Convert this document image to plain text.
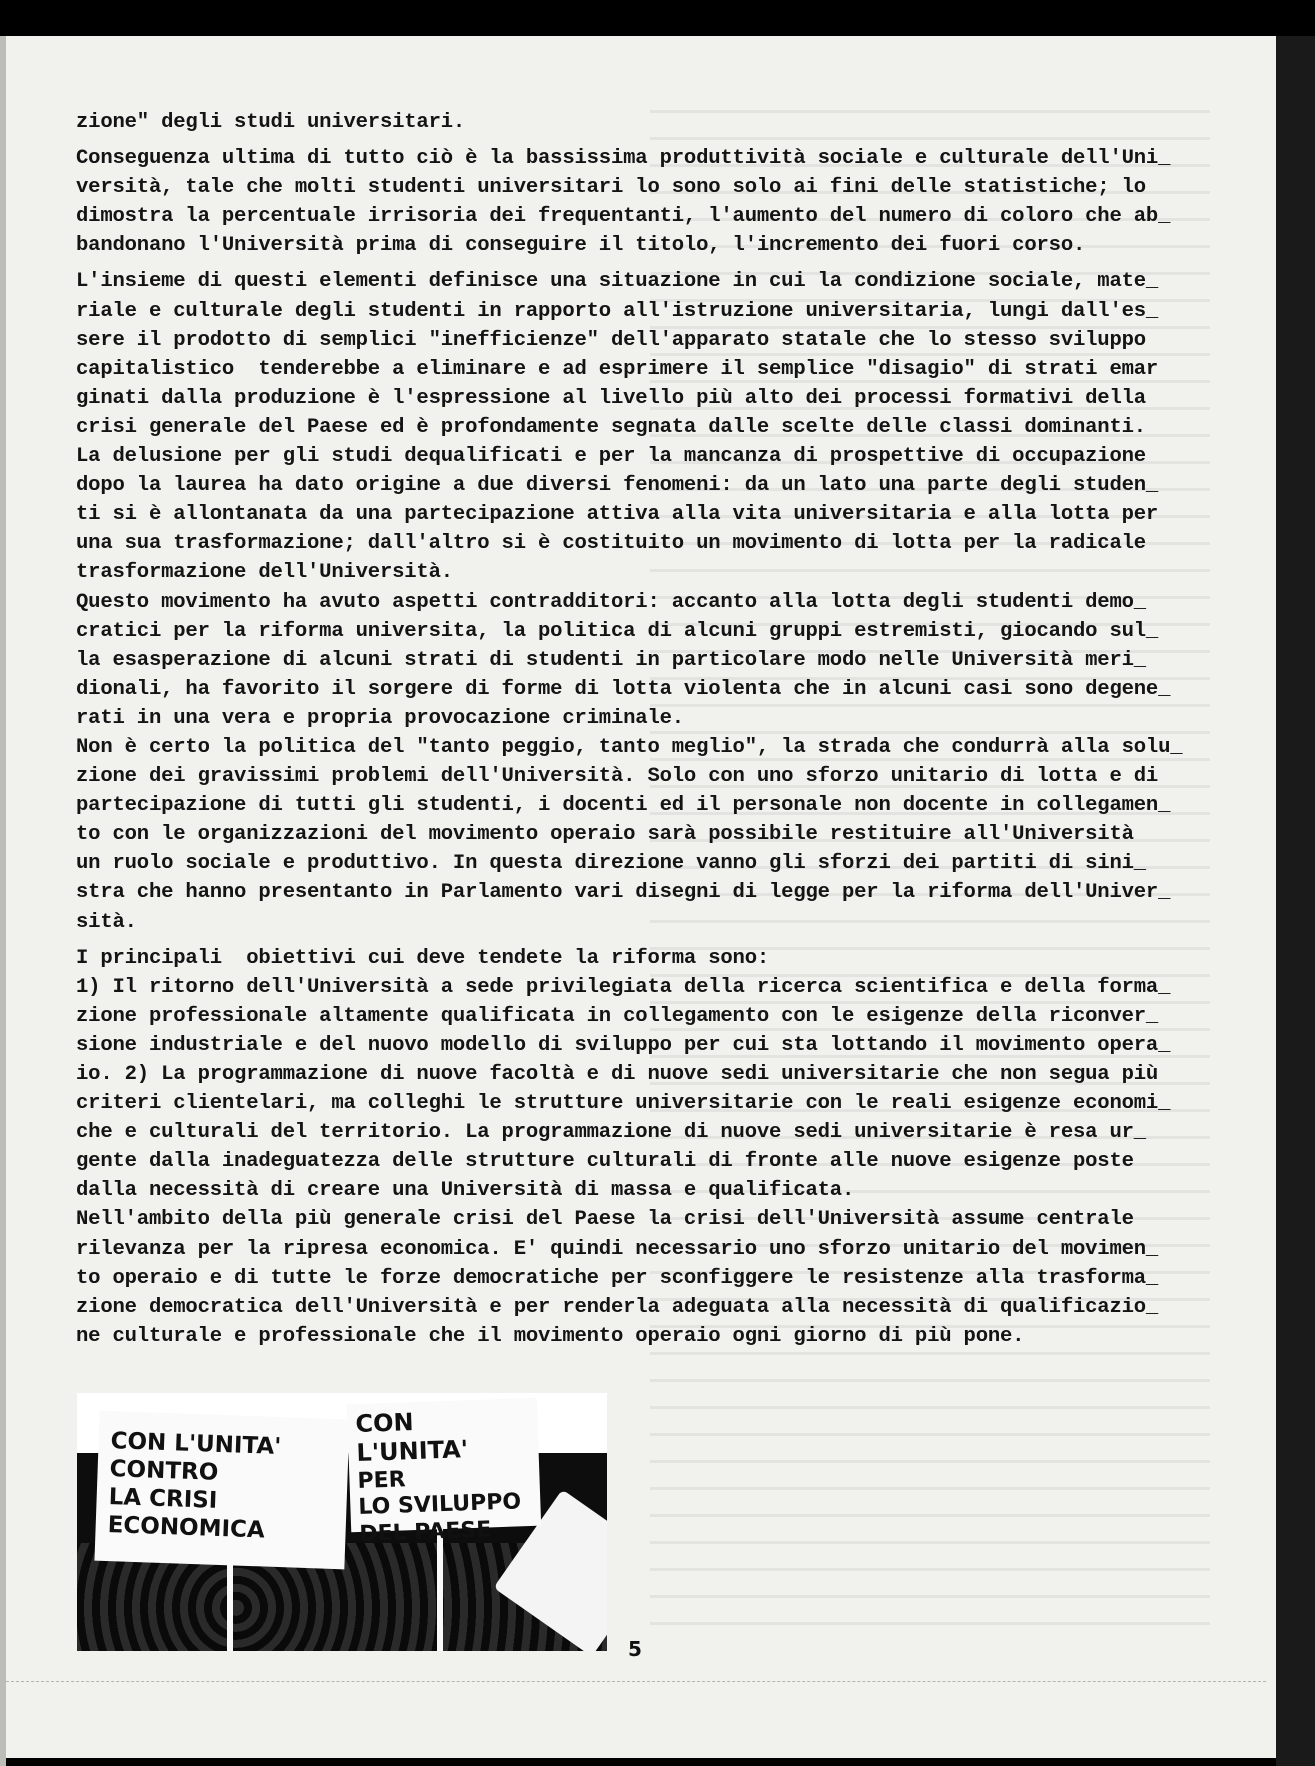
zione" degli studi universitari.

Conseguenza ultima di tutto ciò è la bassissima produttività sociale e culturale dell'Uni_

versità, tale che molti studenti universitari lo sono solo ai fini delle statistiche; lo

dimostra la percentuale irrisoria dei frequentanti, l'aumento del numero di coloro che ab_

bandonano l'Università prima di conseguire il titolo, l'incremento dei fuori corso.

L'insieme di questi elementi definisce una situazione in cui la condizione sociale, mate_

riale e culturale degli studenti in rapporto all'istruzione universitaria, lungi dall'es_

sere il prodotto di semplici "inefficienze" dell'apparato statale che lo stesso sviluppo

capitalistico  tenderebbe a eliminare e ad esprimere il semplice "disagio" di strati emar

ginati dalla produzione è l'espressione al livello più alto dei processi formativi della

crisi generale del Paese ed è profondamente segnata dalle scelte delle classi dominanti.

La delusione per gli studi dequalificati e per la mancanza di prospettive di occupazione

dopo la laurea ha dato origine a due diversi fenomeni: da un lato una parte degli studen_

ti si è allontanata da una partecipazione attiva alla vita universitaria e alla lotta per

una sua trasformazione; dall'altro si è costituito un movimento di lotta per la radicale

trasformazione dell'Università.

Questo movimento ha avuto aspetti contradditori: accanto alla lotta degli studenti demo_

cratici per la riforma universita, la politica di alcuni gruppi estremisti, giocando sul_

la esasperazione di alcuni strati di studenti in particolare modo nelle Università meri_

dionali, ha favorito il sorgere di forme di lotta violenta che in alcuni casi sono degene_

rati in una vera e propria provocazione criminale.

Non è certo la politica del "tanto peggio, tanto meglio", la strada che condurrà alla solu_

zione dei gravissimi problemi dell'Università. Solo con uno sforzo unitario di lotta e di

partecipazione di tutti gli studenti, i docenti ed il personale non docente in collegamen_

to con le organizzazioni del movimento operaio sarà possibile restituire all'Università

un ruolo sociale e produttivo. In questa direzione vanno gli sforzi dei partiti di sini_

stra che hanno presentanto in Parlamento vari disegni di legge per la riforma dell'Univer_

sità.

I principali  obiettivi cui deve tendete la riforma sono:

1) Il ritorno dell'Università a sede privilegiata della ricerca scientifica e della forma_

zione professionale altamente qualificata in collegamento con le esigenze della riconver_

sione industriale e del nuovo modello di sviluppo per cui sta lottando il movimento opera_

io. 2) La programmazione di nuove facoltà e di nuove sedi universitarie che non segua più

criteri clientelari, ma colleghi le strutture universitarie con le reali esigenze economi_

che e culturali del territorio. La programmazione di nuove sedi universitarie è resa ur_

gente dalla inadeguatezza delle strutture culturali di fronte alle nuove esigenze poste

dalla necessità di creare una Università di massa e qualificata.

Nell'ambito della più generale crisi del Paese la crisi dell'Università assume centrale

rilevanza per la ripresa economica. E' quindi necessario uno sforzo unitario del movimen_

to operaio e di tutte le forze democratiche per sconfiggere le resistenze alla trasforma_

zione democratica dell'Università e per renderla adeguata alla necessità di qualificazio_

ne culturale e professionale che il movimento operaio ogni giorno di più pone.

CON L'UNITA'
CONTRO
LA CRISI
ECONOMICA
CON L'UNITA'
PER
LO SVILUPPO
DEL PAESE
5
